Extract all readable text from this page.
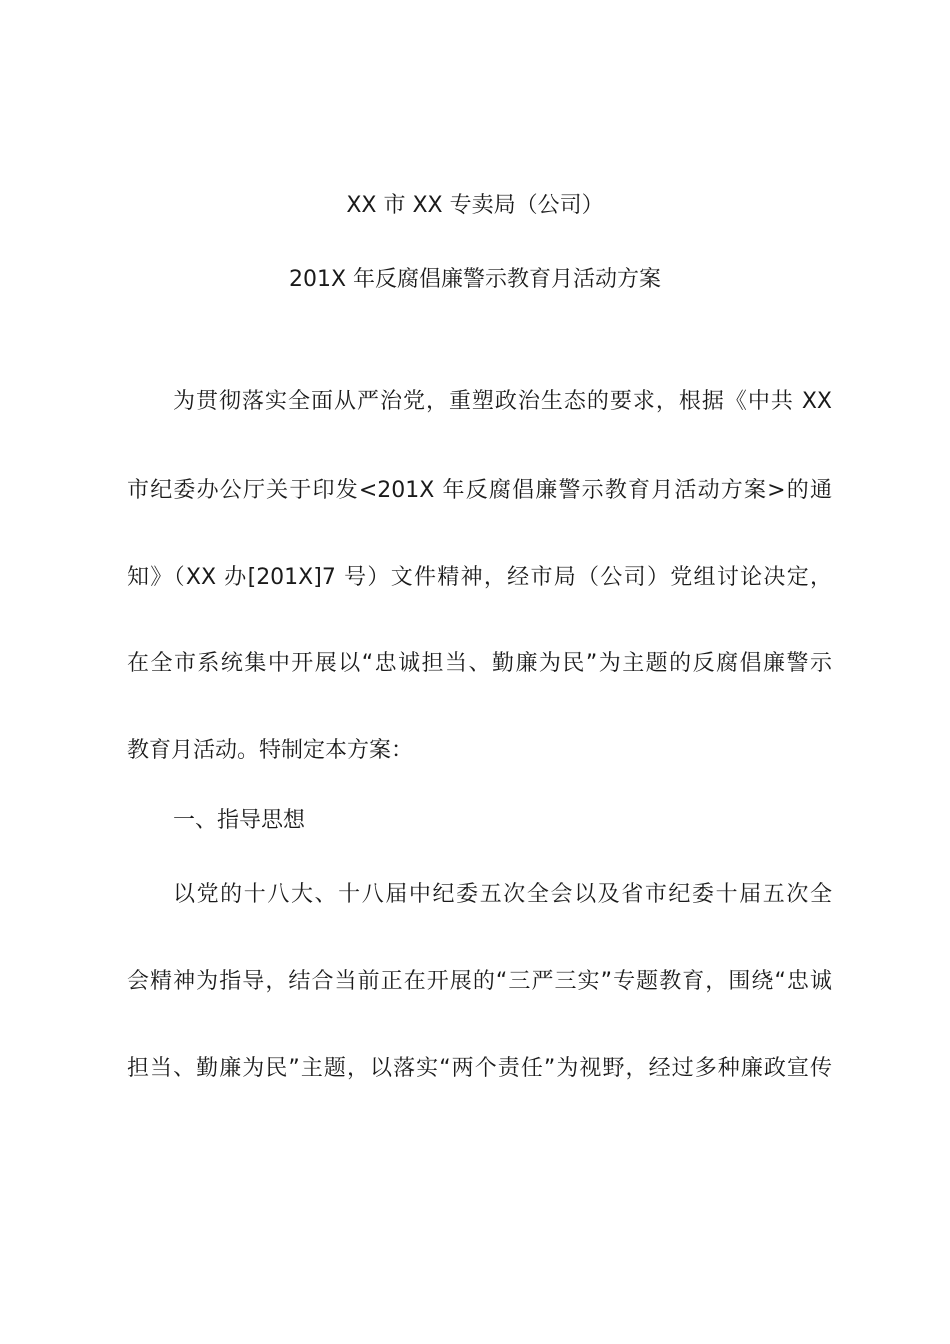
XX 市 XX 专卖局（公司）
201X 年反腐倡廉警示教育月活动方案
为贯彻落实全面从严治党，重塑政治生态的要求，根据《中共 XX
市纪委办公厅关于印发<201X 年反腐倡廉警示教育月活动方案>的通
知》（XX 办[201X]7 号）文件精神，经市局（公司）党组讨论决定，
在全市系统集中开展以“忠诚担当、勤廉为民”为主题的反腐倡廉警示
教育月活动。特制定本方案：
一、指导思想
以党的十八大、十八届中纪委五次全会以及省市纪委十届五次全
会精神为指导，结合当前正在开展的“三严三实”专题教育，围绕“忠诚
担当、勤廉为民”主题，以落实“两个责任”为视野，经过多种廉政宣传
